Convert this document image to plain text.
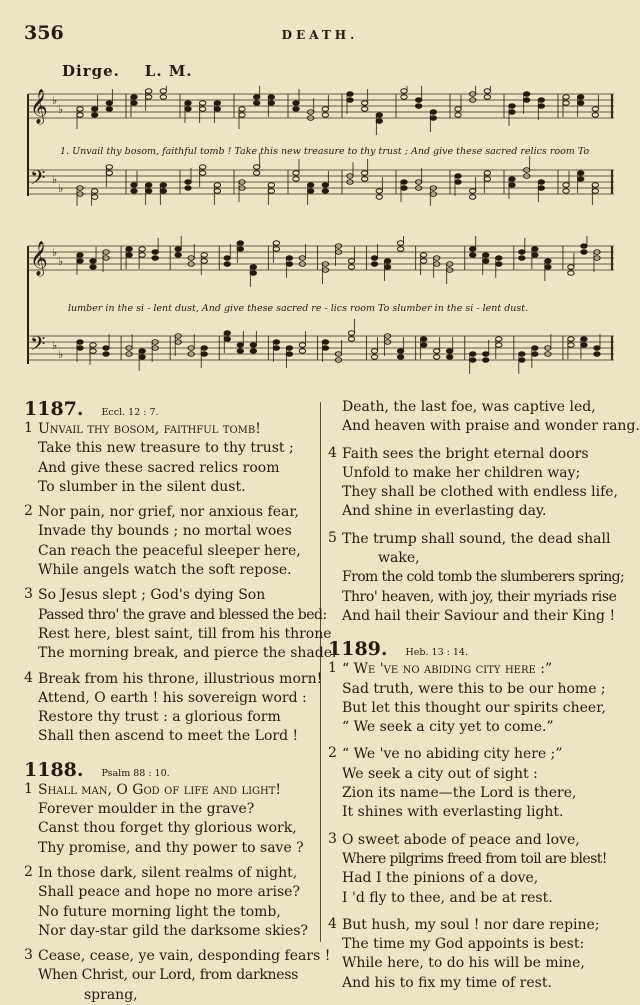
356	DEATH.
Dirge. L. M.
𝄞 ♭
♭
𝄢 ♭
♭
1. Unvail thy bosom, faithful tomb ! Take this new treasure to thy trust ; And give these sacred relics room To
𝄞 ♭
♭
𝄢 ♭
♭
lumber in the si - lent dust, And give these sacred re - lics room To slumber in the si - lent dust.
1187. Eccl. 12 : 7.
1 Unvail thy bosom, faithful tomb!
Take this new treasure to thy trust ;
And give these sacred relics room
To slumber in the silent dust.
2 Nor pain, nor grief, nor anxious fear,
Invade thy bounds ; no mortal woes
Can reach the peaceful sleeper here,
While angels watch the soft repose.
3 So Jesus slept ; God's dying Son
Passed thro' the grave and blessed the bed:
Rest here, blest saint, till from his throne
The morning break, and pierce the shade.
4 Break from his throne, illustrious morn!
Attend, O earth ! his sovereign word :
Restore thy trust : a glorious form
Shall then ascend to meet the Lord !
1188. Psalm 88 : 10.
1 Shall man, O God of life and light!
Forever moulder in the grave?
Canst thou forget thy glorious work,
Thy promise, and thy power to save ?
2 In those dark, silent realms of night,
Shall peace and hope no more arise?
No future morning light the tomb,
Nor day-star gild the darksome skies?
3 Cease, cease, ye vain, desponding fears !
When Christ, our Lord, from darkness
sprang,
Death, the last foe, was captive led,
And heaven with praise and wonder rang.
4 Faith sees the bright eternal doors
Unfold to make her children way;
They shall be clothed with endless life,
And shine in everlasting day.
5 The trump shall sound, the dead shall
wake,
From the cold tomb the slumberers spring;
Thro' heaven, with joy, their myriads rise
And hail their Saviour and their King !
1189. Heb. 13 : 14.
1 “ We 've no abiding city here :”
Sad truth, were this to be our home ;
But let this thought our spirits cheer,
“ We seek a city yet to come.”
2 “ We 've no abiding city here ;”
We seek a city out of sight :
Zion its name—the Lord is there,
It shines with everlasting light.
3 O sweet abode of peace and love,
Where pilgrims freed from toil are blest!
Had I the pinions of a dove,
I 'd fly to thee, and be at rest.
4 But hush, my soul ! nor dare repine;
The time my God appoints is best:
While here, to do his will be mine,
And his to fix my time of rest.
